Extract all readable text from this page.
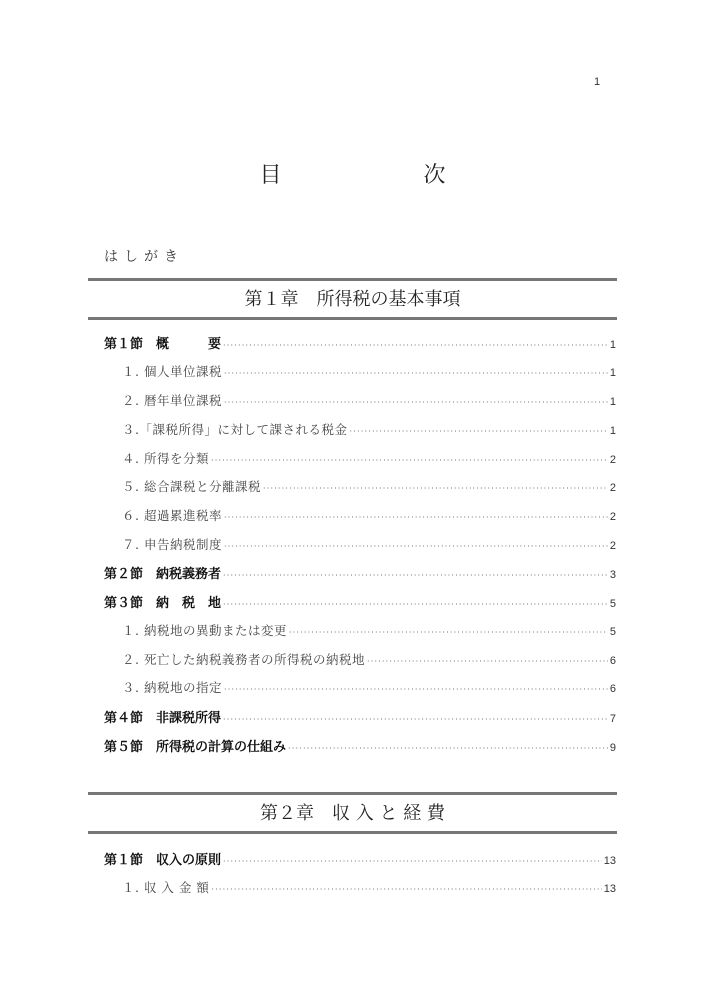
1
目　次
はしがき
第１章　所得税の基本事項
第１節　概　　　要 ·····	1
１. 個人単位課税 ·····	1
２. 暦年単位課税 ·····	1
３.「課税所得」に対して課される税金 ·····	1
４. 所得を分類 ·····	2
５. 総合課税と分離課税 ·····	2
６. 超過累進税率 ·····	2
７. 申告納税制度 ·····	2
第２節　納税義務者 ·····	3
第３節　納　税　地 ·····	5
１. 納税地の異動または変更 ·····	5
２. 死亡した納税義務者の所得税の納税地 ·····	6
３. 納税地の指定 ·····	6
第４節　非課税所得 ·····	7
第５節　所得税の計算の仕組み ·····	9
第２章　収 入 と 経 費
第１節　収入の原則 ·····	13
１. 収 入 金 額 ·····	13
